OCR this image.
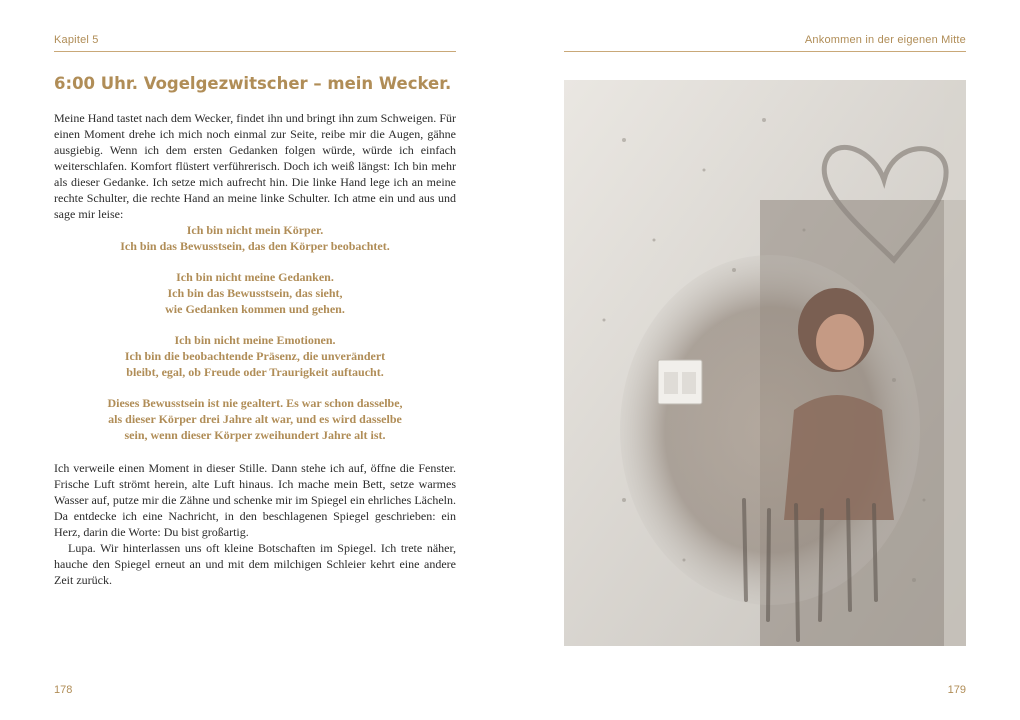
Kapitel 5
6:00 Uhr. Vogelgezwitscher – mein Wecker.

Meine Hand tastet nach dem Wecker, findet ihn und bringt ihn zum Schweigen. Für einen Moment drehe ich mich noch einmal zur Seite, reibe mir die Augen, gähne ausgiebig. Wenn ich dem ersten Gedanken folgen würde, würde ich einfach weiterschlafen. Komfort flüstert verführerisch. Doch ich weiß längst: Ich bin mehr als dieser Gedanke. Ich setze mich aufrecht hin. Die linke Hand lege ich an meine rechte Schulter, die rechte Hand an meine linke Schulter. Ich atme ein und aus und sage mir leise:

Ich bin nicht mein Körper.
Ich bin das Bewusstsein, das den Körper beobachtet.
Ich bin nicht meine Gedanken.
Ich bin das Bewusstsein, das sieht,
wie Gedanken kommen und gehen.
Ich bin nicht meine Emotionen.
Ich bin die beobachtende Präsenz, die unverändert
bleibt, egal, ob Freude oder Traurigkeit auftaucht.
Dieses Bewusstsein ist nie gealtert. Es war schon dasselbe,
als dieser Körper drei Jahre alt war, und es wird dasselbe
sein, wenn dieser Körper zweihundert Jahre alt ist.

Ich verweile einen Moment in dieser Stille. Dann stehe ich auf, öffne die Fenster. Frische Luft strömt herein, alte Luft hinaus. Ich mache mein Bett, setze warmes Wasser auf, putze mir die Zähne und schenke mir im Spiegel ein ehrliches Lächeln. Da entdecke ich eine Nachricht, in den beschlagenen Spiegel geschrieben: ein Herz, darin die Worte: Du bist großartig.

Lupa. Wir hinterlassen uns oft kleine Botschaften im Spiegel. Ich trete näher, hauche den Spiegel erneut an und mit dem milchigen Schleier kehrt eine andere Zeit zurück.

178
Ankommen in der eigenen Mitte
179
